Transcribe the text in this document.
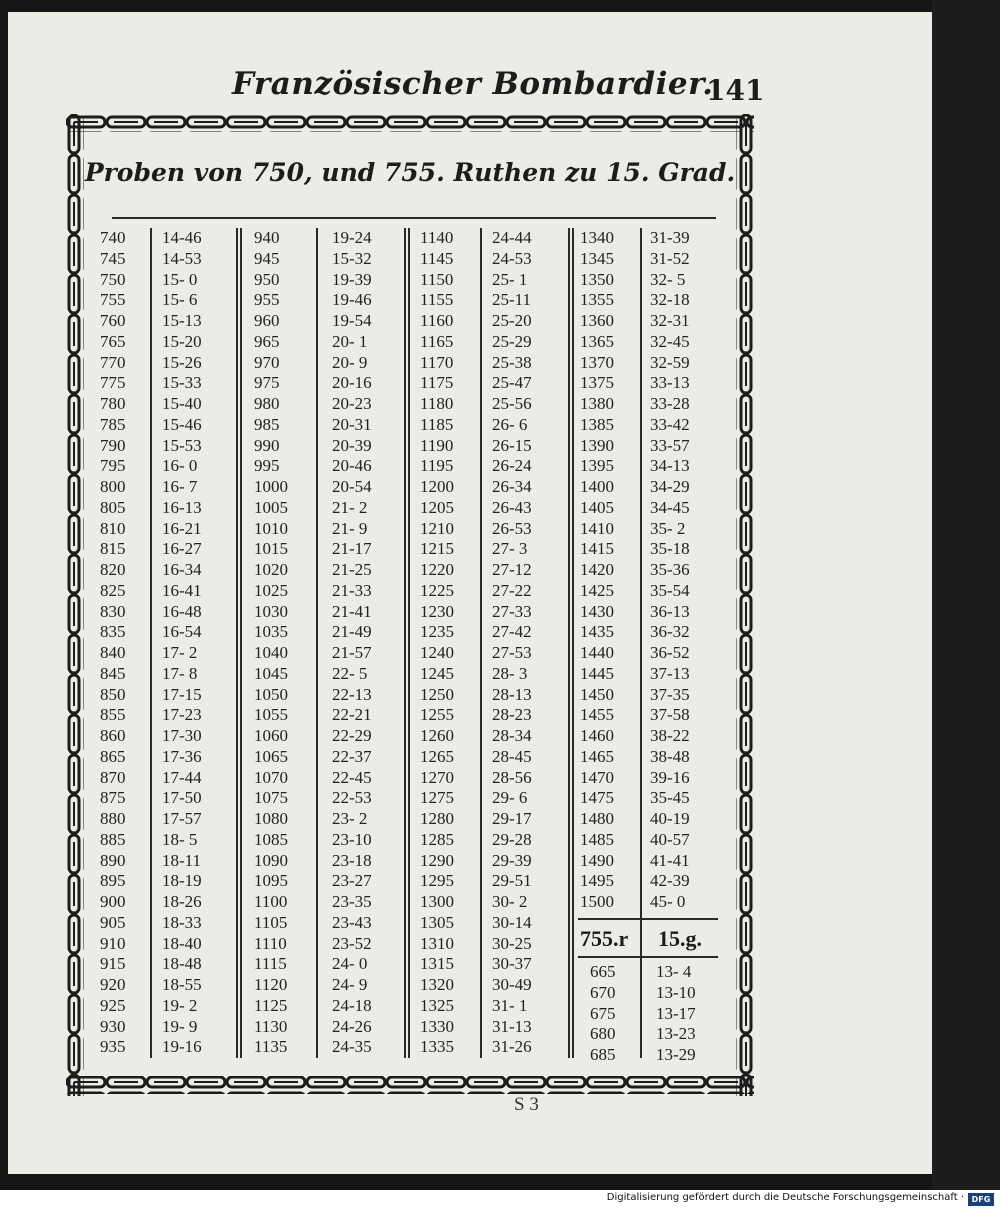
Französischer Bombardier.
141
Proben von 750, und 755. Ruthen zu 15. Grad.
740 14-46
745 14-53
750 15- 0
755 15- 6
760 15-13
765 15-20
770 15-26
775 15-33
780 15-40
785 15-46
790 15-53
795 16- 0
800 16- 7
805 16-13
810 16-21
815 16-27
820 16-34
825 16-41
830 16-48
835 16-54
840 17- 2
845 17- 8
850 17-15
855 17-23
860 17-30
865 17-36
870 17-44
875 17-50
880 17-57
885 18- 5
890 18-11
895 18-19
900 18-26
905 18-33
910 18-40
915 18-48
920 18-55
925 19- 2
930 19- 9
935 19-16
940	19-24
945	15-32
950	19-39
955	19-46
960	19-54
965	20- 1
970	20- 9
975	20-16
980	20-23
985	20-31
990	20-39
995	20-46
1000	20-54
1005	21- 2
1010	21- 9
1015	21-17
1020	21-25
1025	21-33
1030	21-41
1035	21-49
1040	21-57
1045	22- 5
1050	22-13
1055	22-21
1060	22-29
1065	22-37
1070	22-45
1075	22-53
1080	23- 2
1085	23-10
1090	23-18
1095	23-27
1100	23-35
1105	23-43
1110	23-52
1115	24- 0
1120	24- 9
1125	24-18
1130	24-26
1135	24-35
1140 24-44
1145 24-53
1150 25- 1
1155 25-11
1160 25-20
1165 25-29
1170 25-38
1175 25-47
1180 25-56
1185 26- 6
1190 26-15
1195 26-24
1200 26-34
1205 26-43
1210 26-53
1215 27- 3
1220 27-12
1225 27-22
1230 27-33
1235 27-42
1240 27-53
1245 28- 3
1250 28-13
1255 28-23
1260 28-34
1265 28-45
1270 28-56
1275 29- 6
1280 29-17
1285 29-28
1290 29-39
1295 29-51
1300 30- 2
1305 30-14
1310 30-25
1315 30-37
1320 30-49
1325 31- 1
1330 31-13
1335 31-26
1340 31-39
1345 31-52
1350 32- 5
1355 32-18
1360 32-31
1365 32-45
1370 32-59
1375 33-13
1380 33-28
1385 33-42
1390 33-57
1395 34-13
1400 34-29
1405 34-45
1410 35- 2
1415 35-18
1420 35-36
1425 35-54
1430 36-13
1435 36-32
1440 36-52
1445 37-13
1450 37-35
1455 37-58
1460 38-22
1465 38-48
1470 39-16
1475 35-45
1480 40-19
1485 40-57
1490 41-41
1495 42-39
1500 45- 0
755.r 15.g.
665 13- 4
670 13-10
675 13-17
680 13-23
685 13-29
S 3
Digitalisierung gefördert durch die Deutsche Forschungsgemeinschaft · DFG
